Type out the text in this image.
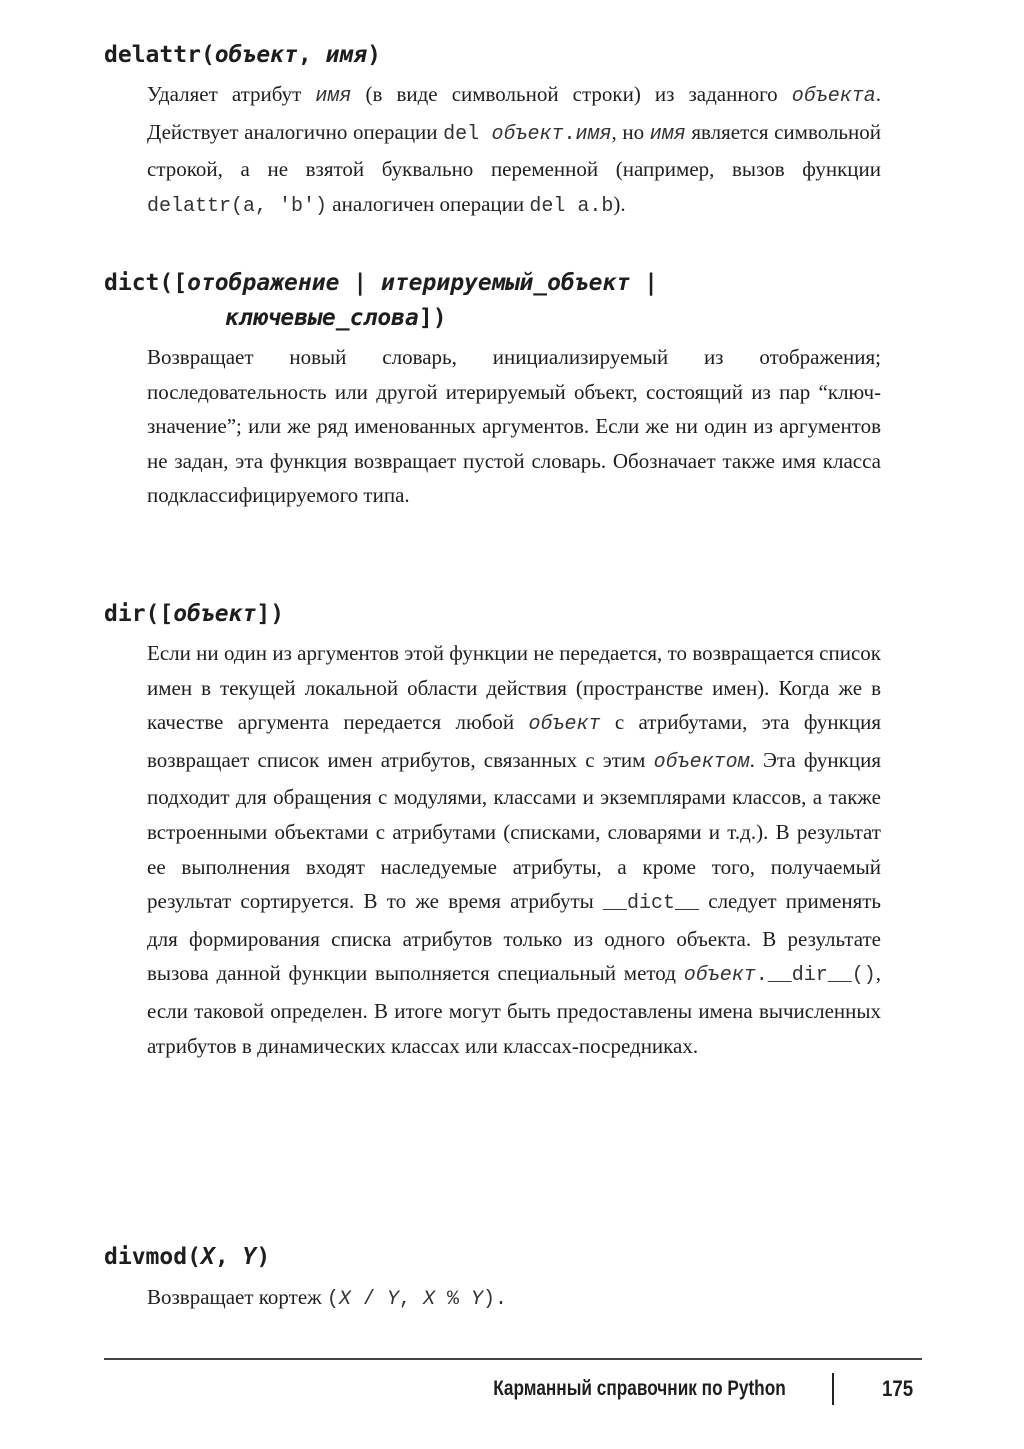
delattr(объект, имя)

Удаляет атрибут имя (в виде символьной строки) из заданного объекта. Действует аналогично операции del объект.имя, но имя является символьной строкой, а не взятой буквально переменной (например, вызов функции delattr(a, 'b') аналогичен операции del a.b).

dict([отображение | итерируемый_объект |
ключевые_слова])

Возвращает новый словарь, инициализируемый из отображения; последовательность или другой итерируемый объект, состоящий из пар “ключ-значение”; или же ряд именованных аргументов. Если же ни один из аргументов не задан, эта функция возвращает пустой словарь. Обозначает также имя класса подклассифицируемого типа.

dir([объект])

Если ни один из аргументов этой функции не передается, то возвращается список имен в текущей локальной области действия (пространстве имен). Когда же в качестве аргумента передается любой объект с атрибутами, эта функция возвращает список имен атрибутов, связанных с этим объектом. Эта функция подходит для обращения с модулями, классами и экземплярами классов, а также встроенными объектами с атрибутами (списками, словарями и т.д.). В результат ее выполнения входят наследуемые атрибуты, а кроме того, получаемый результат сортируется. В то же время атрибуты __dict__ следует применять для формирования списка атрибутов только из одного объекта. В результате вызова данной функции выполняется специальный метод объект.__dir__(), если таковой определен. В итоге могут быть предоставлены имена вычисленных атрибутов в динамических классах или классах-посредниках.

divmod(X, Y)

Возвращает кортеж (X / Y, X % Y).

Карманный справочник по Python	175
